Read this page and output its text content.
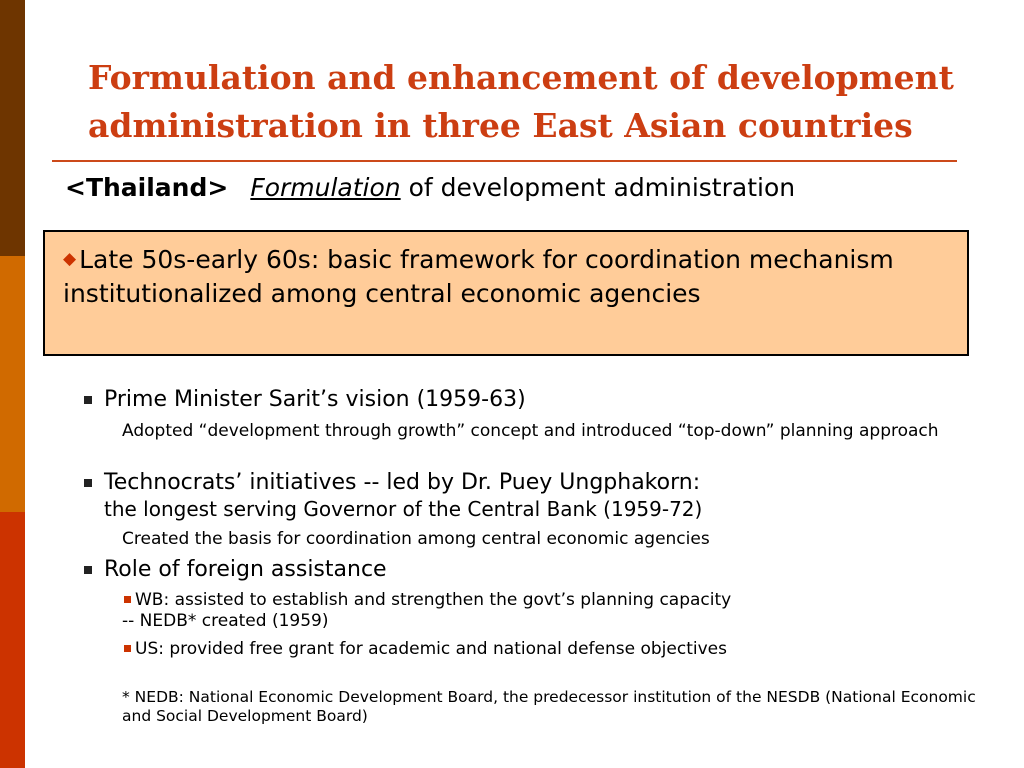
Formulation and enhancement of development administration in three East Asian countries
<Thailand> Formulation of development administration
◆ Late 50s-early 60s: basic framework for coordination mechanism institutionalized among central economic agencies
Prime Minister Sarit’s vision (1959-63)
Adopted “development through growth” concept and introduced “top-down” planning approach
Technocrats’ initiatives -- led by Dr. Puey Ungphakorn:
the longest serving Governor of the Central Bank (1959-72)
Created the basis for coordination among central economic agencies
Role of foreign assistance
WB: assisted to establish and strengthen the govt’s planning capacity
-- NEDB* created (1959)
US: provided free grant for academic and national defense objectives
* NEDB: National Economic Development Board, the predecessor institution of the NESDB (National Economic and Social Development Board)
